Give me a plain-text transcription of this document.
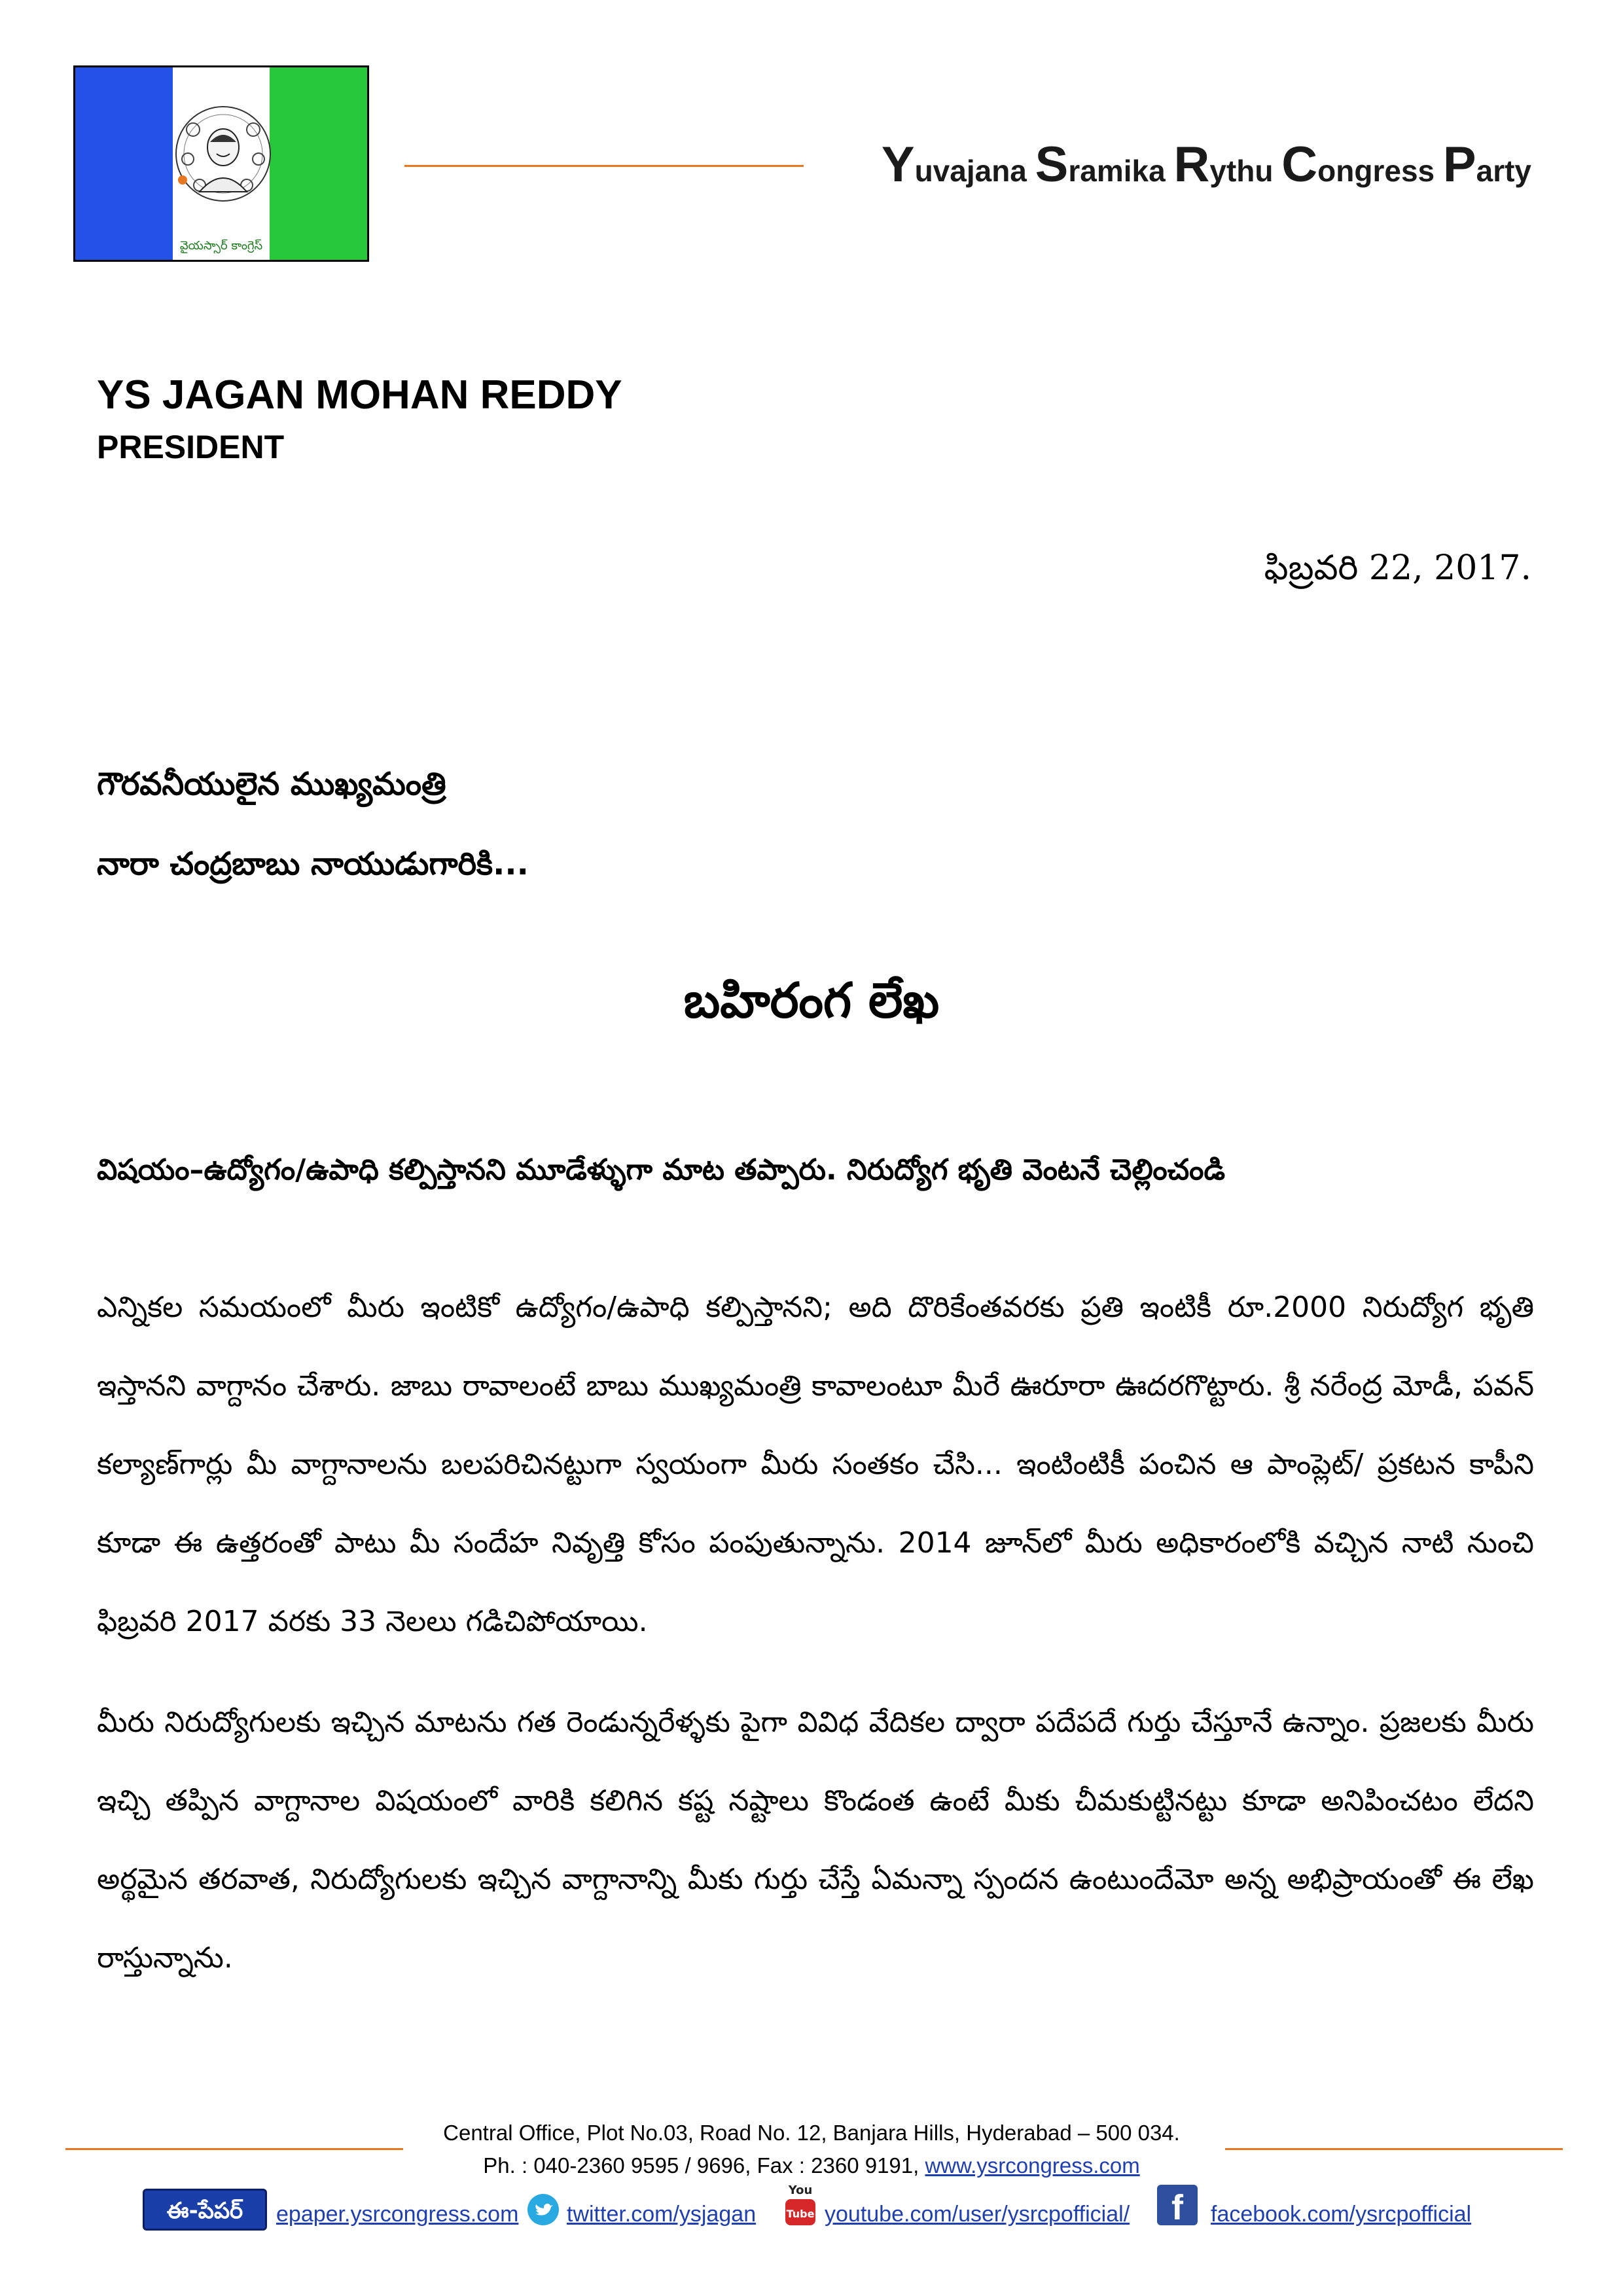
వైయస్సార్ కాంగ్రెస్
Yuvajana Sramika Rythu Congress Party
YS JAGAN MOHAN REDDY
PRESIDENT
ఫిబ్రవరి 22, 2017.
గౌరవనీయులైన ముఖ్యమంత్రి
నారా చంద్రబాబు నాయుడుగారికి...
బహిరంగ లేఖ
విషయం–ఉద్యోగం/ఉపాధి కల్పిస్తానని మూడేళ్ళుగా మాట తప్పారు. నిరుద్యోగ భృతి వెంటనే చెల్లించండి
ఎన్నికల సమయంలో మీరు ఇంటికో ఉద్యోగం/ఉపాధి కల్పిస్తానని; అది దొరికేంతవరకు ప్రతి ఇంటికీ రూ.2000 నిరుద్యోగ భృతి ఇస్తానని వాగ్దానం చేశారు. జాబు రావాలంటే బాబు ముఖ్యమంత్రి కావాలంటూ మీరే ఊరూరా ఊదరగొట్టారు. శ్రీ నరేంద్ర మోడీ, పవన్ కల్యాణ్‌గార్లు మీ వాగ్దానాలను బలపరిచినట్టుగా స్వయంగా మీరు సంతకం చేసి... ఇంటింటికీ పంచిన ఆ పాంప్లెట్/ ప్రకటన కాపీని కూడా ఈ ఉత్తరంతో పాటు మీ సందేహ నివృత్తి కోసం పంపుతున్నాను. 2014 జూన్‌లో మీరు అధికారంలోకి వచ్చిన నాటి నుంచి ఫిబ్రవరి 2017 వరకు 33 నెలలు గడిచిపోయాయి.
మీరు నిరుద్యోగులకు ఇచ్చిన మాటను గత రెండున్నరేళ్ళకు పైగా వివిధ వేదికల ద్వారా పదేపదే గుర్తు చేస్తూనే ఉన్నాం. ప్రజలకు మీరు ఇచ్చి తప్పిన వాగ్దానాల విషయంలో వారికి కలిగిన కష్ట నష్టాలు కొండంత ఉంటే మీకు చీమకుట్టినట్టు కూడా అనిపించటం లేదని అర్థమైన తరవాత, నిరుద్యోగులకు ఇచ్చిన వాగ్దానాన్ని మీకు గుర్తు చేస్తే ఏమన్నా స్పందన ఉంటుందేమో అన్న అభిప్రాయంతో ఈ లేఖ రాస్తున్నాను.
Central Office, Plot No.03, Road No. 12, Banjara Hills, Hyderabad – 500 034.
Ph. : 040-2360 9595 / 9696, Fax : 2360 9191, www.ysrcongress.com
ఈ-పేపర్	epaper.ysrcongress.com twitter.com/ysjagan
You
Tube youtube.com/user/ysrcpofficial/	f	facebook.com/ysrcpofficial
